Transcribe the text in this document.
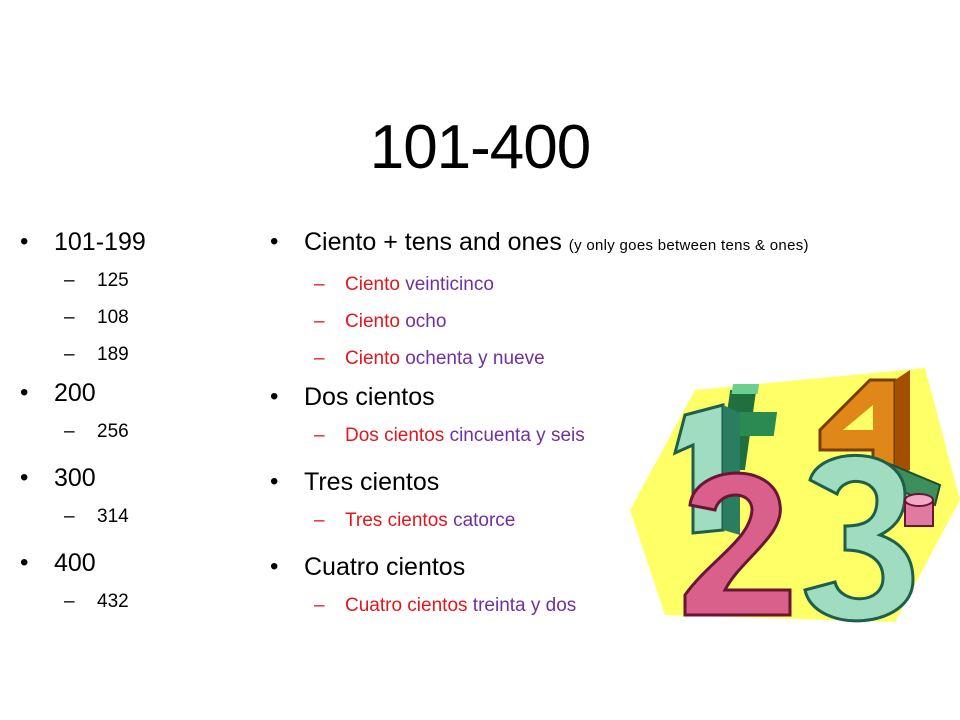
101-400
• 101-199
– 125
– 108
– 189
• 200
– 256
• 300
– 314
• 400
– 432
• Ciento + tens and ones (y only goes between tens & ones)
– Ciento veinticinco
– Ciento ocho
– Ciento ochenta y nueve
• Dos cientos
– Dos cientos cincuenta y seis
• Tres cientos
– Tres cientos catorce
• Cuatro cientos
– Cuatro cientos treinta y dos
